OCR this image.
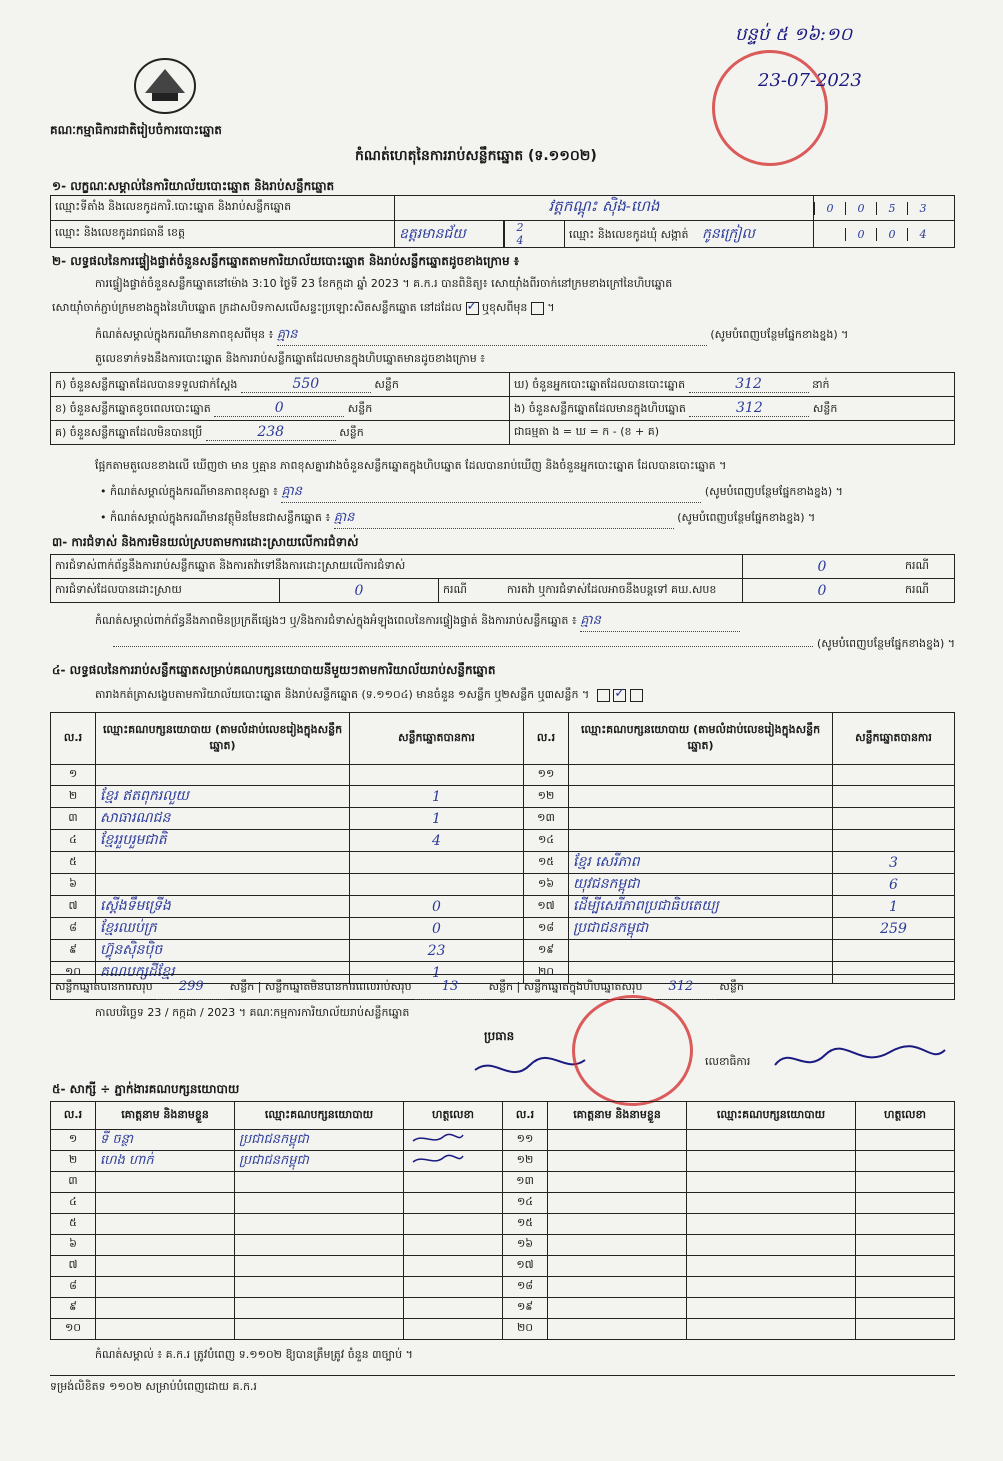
គណៈកម្មាធិការជាតិរៀបចំការបោះឆ្នោត
កំណត់ហេតុនៃការរាប់សន្លឹកឆ្នោត (ទ.១១០២)
បន្ទប់ ៥ ១៦:១០
23-07-2023
១- លក្ខណៈសម្គាល់នៃការិយាល័យបោះឆ្នោត និងរាប់សន្លឹកឆ្នោត
ឈ្មោះទីតាំង និងលេខកូដការិ.បោះឆ្នោត និងរាប់សន្លឹកឆ្នោត	វត្តកណ្តុះ ស៊ិង-ហេង			0 0 5 3
ឈ្មោះ និងលេខកូដរាជធានី ខេត្ត	ឧត្តរមានជ័យ	24	ឈ្មោះ និងលេខកូដឃុំ សង្កាត់ កូនក្រៀល	0 0 4
២- លទ្ធផលនៃការផ្ទៀងផ្ទាត់ចំនួនសន្លឹកឆ្នោតតាមការិយាល័យបោះឆ្នោត និងរាប់សន្លឹកឆ្នោតដូចខាងក្រោម ៖
ការផ្ទៀងផ្ទាត់ចំនួនសន្លឹកឆ្នោតនៅម៉ោង 3:10 ថ្ងៃទី 23 ខែកក្កដា ឆ្នាំ 2023 ។ គ.ក.រ បានពិនិត្យ៖ សោយ៉ាំងពីរចាក់នៅក្រមខាងក្រៅនៃហិបឆ្នោត
សោយ៉ាំចាក់ភ្ជាប់ក្រមខាងក្នុងនៃហិបឆ្នោត ក្រដាសបិទកាសលើសន្ទះប្រឡោះសិតសន្លឹកឆ្នោត នៅដដែល ✓ ឬខុសពីមុន  ។
កំណត់សម្គាល់ក្នុងករណីមានភាពខុសពីមុន ៖ គ្មាន	(សូមបំពេញបន្ថែមផ្នែកខាងខ្នង) ។
តួលេខទាក់ទងនឹងការបោះឆ្នោត និងការរាប់សន្លឹកឆ្នោតដែលមានក្នុងហិបឆ្នោតមានដូចខាងក្រោម ៖
ក) ចំនួនសន្លឹកឆ្នោតដែលបានទទួលជាក់ស្តែង 550 សន្លឹក	ឃ) ចំនួនអ្នកបោះឆ្នោតដែលបានបោះឆ្នោត 312 នាក់
ខ) ចំនួនសន្លឹកឆ្នោតខូចពេលបោះឆ្នោត 0 សន្លឹក	ង) ចំនួនសន្លឹកឆ្នោតដែលមានក្នុងហិបឆ្នោត 312 សន្លឹក
គ) ចំនួនសន្លឹកឆ្នោតដែលមិនបានប្រើ 238 សន្លឹក	ជាធម្មតា ង = ឃ = ក - (ខ + គ)
ផ្អែកតាមតួលេខខាងលើ ឃើញថា មាន ឬគ្មាន ភាពខុសគ្នារវាងចំនួនសន្លឹកឆ្នោតក្នុងហិបឆ្នោត ដែលបានរាប់ឃើញ និងចំនួនអ្នកបោះឆ្នោត ដែលបានបោះឆ្នោត ។
• កំណត់សម្គាល់ក្នុងករណីមានភាពខុសគ្នា ៖ គ្មាន	(សូមបំពេញបន្ថែមផ្នែកខាងខ្នង) ។
• កំណត់សម្គាល់ក្នុងករណីមានវត្ថុមិនមែនជាសន្លឹកឆ្នោត ៖ គ្មាន	(សូមបំពេញបន្ថែមផ្នែកខាងខ្នង) ។
៣- ការជំទាស់ និងការមិនយល់ស្របតាមការដោះស្រាយលើការជំទាស់
ការជំទាស់ពាក់ព័ន្ធនឹងការរាប់សន្លឹកឆ្នោត និងការតវ៉ាទៅនឹងការដោះស្រាយលើការជំទាស់			0	ករណី
ការជំទាស់ដែលបានដោះស្រាយ	0	ករណី ការតវ៉ា ឬការជំទាស់ដែលអាចនឹងបន្តទៅ គឃ.សបខ	0	ករណី
កំណត់សម្គាល់ពាក់ព័ន្ធនឹងភាពមិនប្រក្រតីផ្សេងៗ ឬ/និងការជំទាស់ក្នុងអំឡុងពេលនៃការផ្ទៀងផ្ទាត់ និងការរាប់សន្លឹកឆ្នោត ៖ គ្មាន
(សូមបំពេញបន្ថែមផ្នែកខាងខ្នង) ។
៤- លទ្ធផលនៃការរាប់សន្លឹកឆ្នោតសម្រាប់គណបក្សនយោបាយនីមួយៗតាមការិយាល័យរាប់សន្លឹកឆ្នោត
តារាងកត់ត្រាសង្ខេបតាមការិយាល័យបោះឆ្នោត និងរាប់សន្លឹកឆ្នោត (ទ.១១០៤) មានចំនួន ១សន្លឹក ឬ២សន្លឹក ឬ៣សន្លឹក ។  ✓
ល.រ	ឈ្មោះគណបក្សនយោបាយ (តាមលំដាប់លេខរៀងក្នុងសន្លឹកឆ្នោត)	សន្លឹកឆ្នោតបានការ	ល.រ	ឈ្មោះគណបក្សនយោបាយ (តាមលំដាប់លេខរៀងក្នុងសន្លឹកឆ្នោត)	សន្លឹកឆ្នោតបានការ
១			១១		
២	ខ្មែរ ឥតពុករលួយ	1	១២		
៣	សាធារណជន	1	១៣		
៤	ខ្មែររួបរួមជាតិ	4	១៤		
៥			១៥	ខ្មែរ សេរីភាព	3
៦			១៦	យុវជនកម្ពុជា	6
៧	ស្ដើងទឹមទ្រើង	0	១៧	ដើម្បីសេរីភាពប្រជាធិបតេយ្យ	1
៨	ខ្មែរឈប់ក្រ	0	១៨	ប្រជាជនកម្ពុជា	259
៩	ហ៊្វុនស៊ិនប៉ិច	23	១៩		
១០	គណបក្សដីខ្មែរ	1	២០		
សន្លឹកឆ្នោតបានការសរុប 299 សន្លឹក | សន្លឹកឆ្នោតមិនបានការពេលរាប់សរុប 13	សន្លឹក | សន្លឹកឆ្នោតក្នុងហិបឆ្នោតសរុប 312 សន្លឹក
កាលបរិច្ឆេទ 23 / កក្កដា / 2023 ។ គណៈកម្មការការិយាល័យរាប់សន្លឹកឆ្នោត
ប្រធាន
លេខាធិការ
៥- សាក្សី ÷ ភ្នាក់ងារគណបក្សនយោបាយ
ល.រ	គោត្តនាម និងនាមខ្លួន	ឈ្មោះគណបក្សនយោបាយ	ហត្ថលេខា	ល.រ	គោត្តនាម និងនាមខ្លួន	ឈ្មោះគណបក្សនយោបាយ	ហត្ថលេខា
១	ទី ចន្ថា	ប្រជាជនកម្ពុជា		១១			
២	ហេង ហាក់	ប្រជាជនកម្ពុជា		១២			
៣				១៣			
៤				១៤			
៥				១៥			
៦				១៦			
៧				១៧			
៨				១៨			
៩				១៩			
១០				២០			
កំណត់សម្គាល់ ៖ គ.ក.រ ត្រូវបំពេញ ទ.១១០២ ឱ្យបានត្រឹមត្រូវ ចំនួន ៣ច្បាប់ ។
ទម្រង់លិខិតទ ១១០២ សម្រាប់បំពេញដោយ គ.ក.រ
